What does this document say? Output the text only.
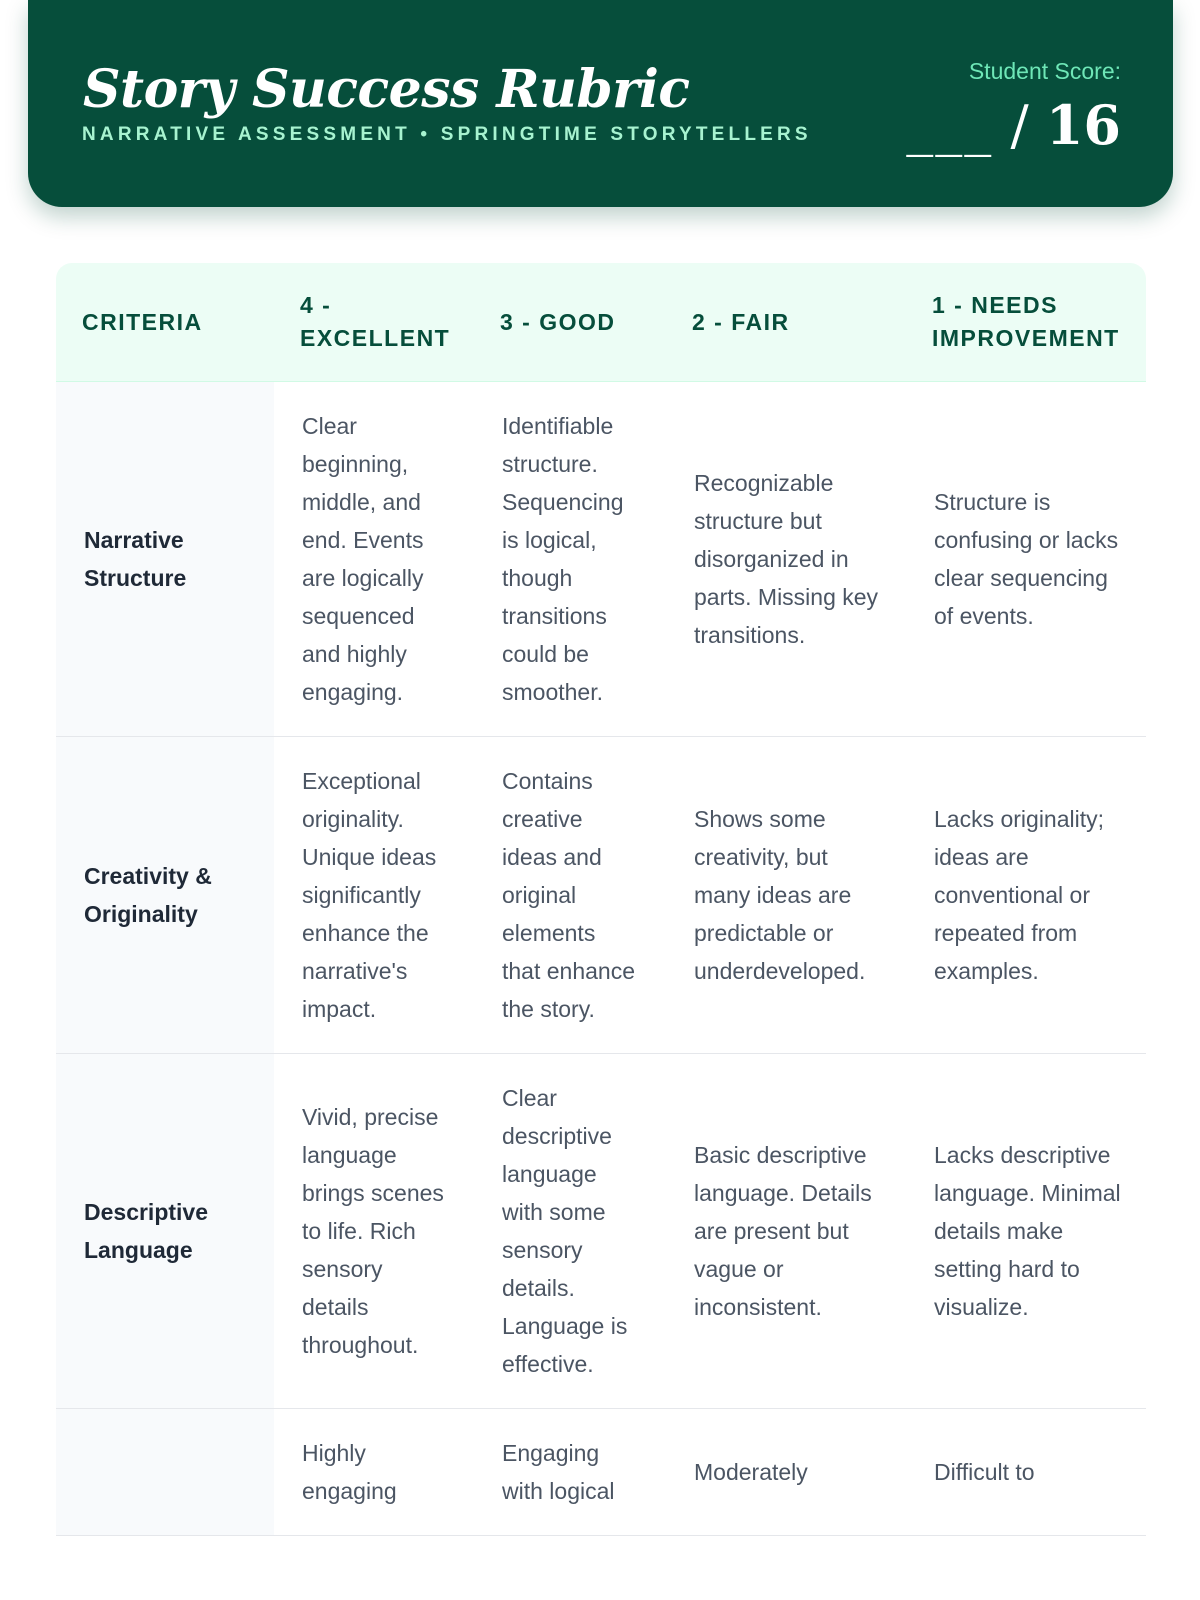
Story Success Rubric
NARRATIVE ASSESSMENT • SPRINGTIME STORYTELLERS
Student Score:
___ / 16
CRITERIA	4 - EXCELLENT	3 - GOOD	2 - FAIR	1 - NEEDS IMPROVEMENT
Narrative Structure	Clear beginning, middle, and end. Events are logically sequenced and highly engaging.	Identifiable structure. Sequencing is logical, though transitions could be smoother.	Recognizable structure but disorganized in parts. Missing key transitions.	Structure is confusing or lacks clear sequencing of events.
Creativity & Originality	Exceptional originality. Unique ideas significantly enhance the narrative's impact.	Contains creative ideas and original elements that enhance the story.	Shows some creativity, but many ideas are predictable or underdeveloped.	Lacks originality; ideas are conventional or repeated from examples.
Descriptive Language	Vivid, precise language brings scenes to life. Rich sensory details throughout.	Clear descriptive language with some sensory details. Language is effective.	Basic descriptive language. Details are present but vague or inconsistent.	Lacks descriptive language. Minimal details make setting hard to visualize.
	Highly engaging	Engaging with logical	Moderately	Difficult to
